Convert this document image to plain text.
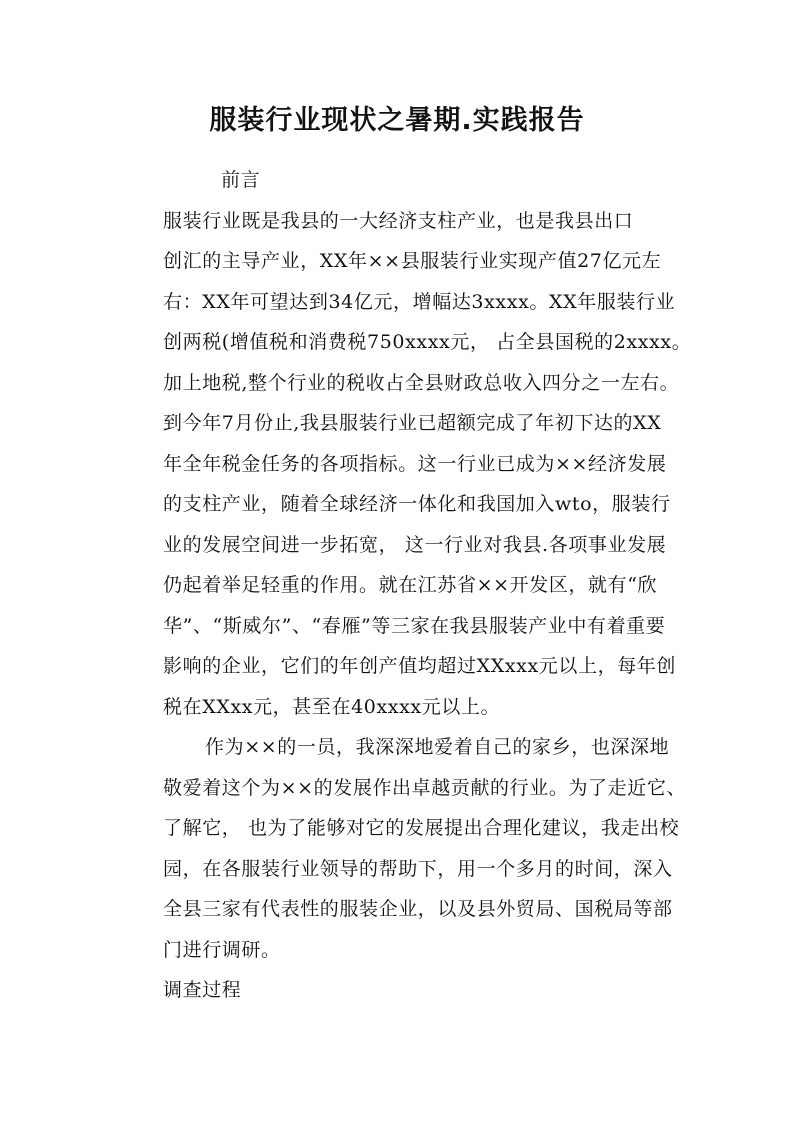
服装行业现状之暑期.实践报告

前言

服装行业既是我县的一大经济支柱产业，也是我县出口
创汇的主导产业，XX年××县服装行业实现产值27亿元左
右：XX年可望达到34亿元，增幅达3xxxx。XX年服装行业
创两税(增值税和消费税750xxxx元， 占全县国税的2xxxx。
加上地税,整个行业的税收占全县财政总收入四分之一左右。
到今年7月份止,我县服装行业已超额完成了年初下达的XX
年全年税金任务的各项指标。这一行业已成为××经济发展
的支柱产业，随着全球经济一体化和我国加入wto，服装行
业的发展空间进一步拓宽， 这一行业对我县.各项事业发展
仍起着举足轻重的作用。就在江苏省××开发区，就有“欣
华”、“斯威尔”、“春雁”等三家在我县服装产业中有着重要
影响的企业，它们的年创产值均超过XXxxx元以上，每年创
税在XXxx元，甚至在40xxxx元以上。

作为××的一员，我深深地爱着自己的家乡，也深深地
敬爱着这个为××的发展作出卓越贡献的行业。为了走近它、
了解它， 也为了能够对它的发展提出合理化建议，我走出校
园，在各服装行业领导的帮助下，用一个多月的时间，深入
全县三家有代表性的服装企业，以及县外贸局、国税局等部
门进行调研。

调查过程
